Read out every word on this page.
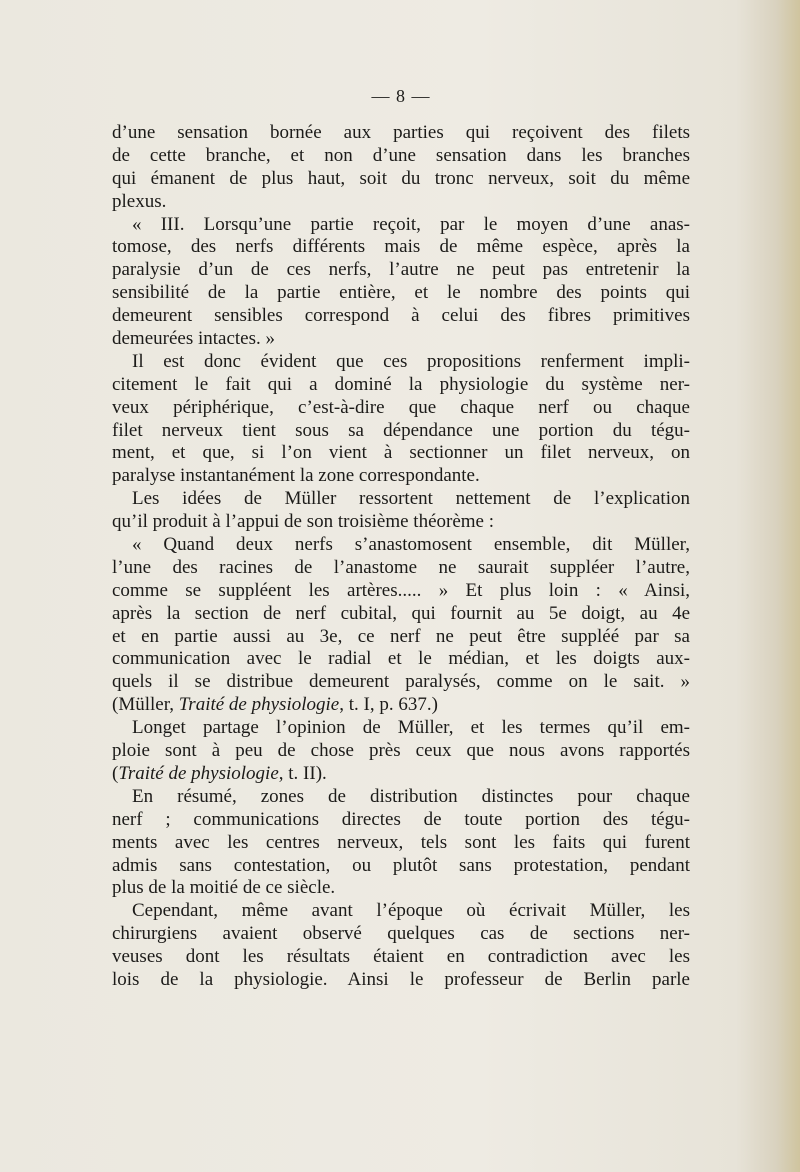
— 8 —
d’une sensation bornée aux parties qui reçoivent des filets
de cette branche, et non d’une sensation dans les branches
qui émanent de plus haut, soit du tronc nerveux, soit du même
plexus.
« III. Lorsqu’une partie reçoit, par le moyen d’une anas-
tomose, des nerfs différents mais de même espèce, après la
paralysie d’un de ces nerfs, l’autre ne peut pas entretenir la
sensibilité de la partie entière, et le nombre des points qui
demeurent sensibles correspond à celui des fibres primitives
demeurées intactes. »
Il est donc évident que ces propositions renferment impli-
citement le fait qui a dominé la physiologie du système ner-
veux périphérique, c’est-à-dire que chaque nerf ou chaque
filet nerveux tient sous sa dépendance une portion du tégu-
ment, et que, si l’on vient à sectionner un filet nerveux, on
paralyse instantanément la zone correspondante.
Les idées de Müller ressortent nettement de l’explication
qu’il produit à l’appui de son troisième théorème :
« Quand deux nerfs s’anastomosent ensemble, dit Müller,
l’une des racines de l’anastome ne saurait suppléer l’autre,
comme se suppléent les artères..... » Et plus loin : « Ainsi,
après la section de nerf cubital, qui fournit au 5e doigt, au 4e
et en partie aussi au 3e, ce nerf ne peut être suppléé par sa
communication avec le radial et le médian, et les doigts aux-
quels il se distribue demeurent paralysés, comme on le sait. »
(Müller, Traité de physiologie, t. I, p. 637.)
Longet partage l’opinion de Müller, et les termes qu’il em-
ploie sont à peu de chose près ceux que nous avons rapportés
(Traité de physiologie, t. II).
En résumé, zones de distribution distinctes pour chaque
nerf ; communications directes de toute portion des tégu-
ments avec les centres nerveux, tels sont les faits qui furent
admis sans contestation, ou plutôt sans protestation, pendant
plus de la moitié de ce siècle.
Cependant, même avant l’époque où écrivait Müller, les
chirurgiens avaient observé quelques cas de sections ner-
veuses dont les résultats étaient en contradiction avec les
lois de la physiologie. Ainsi le professeur de Berlin parle
